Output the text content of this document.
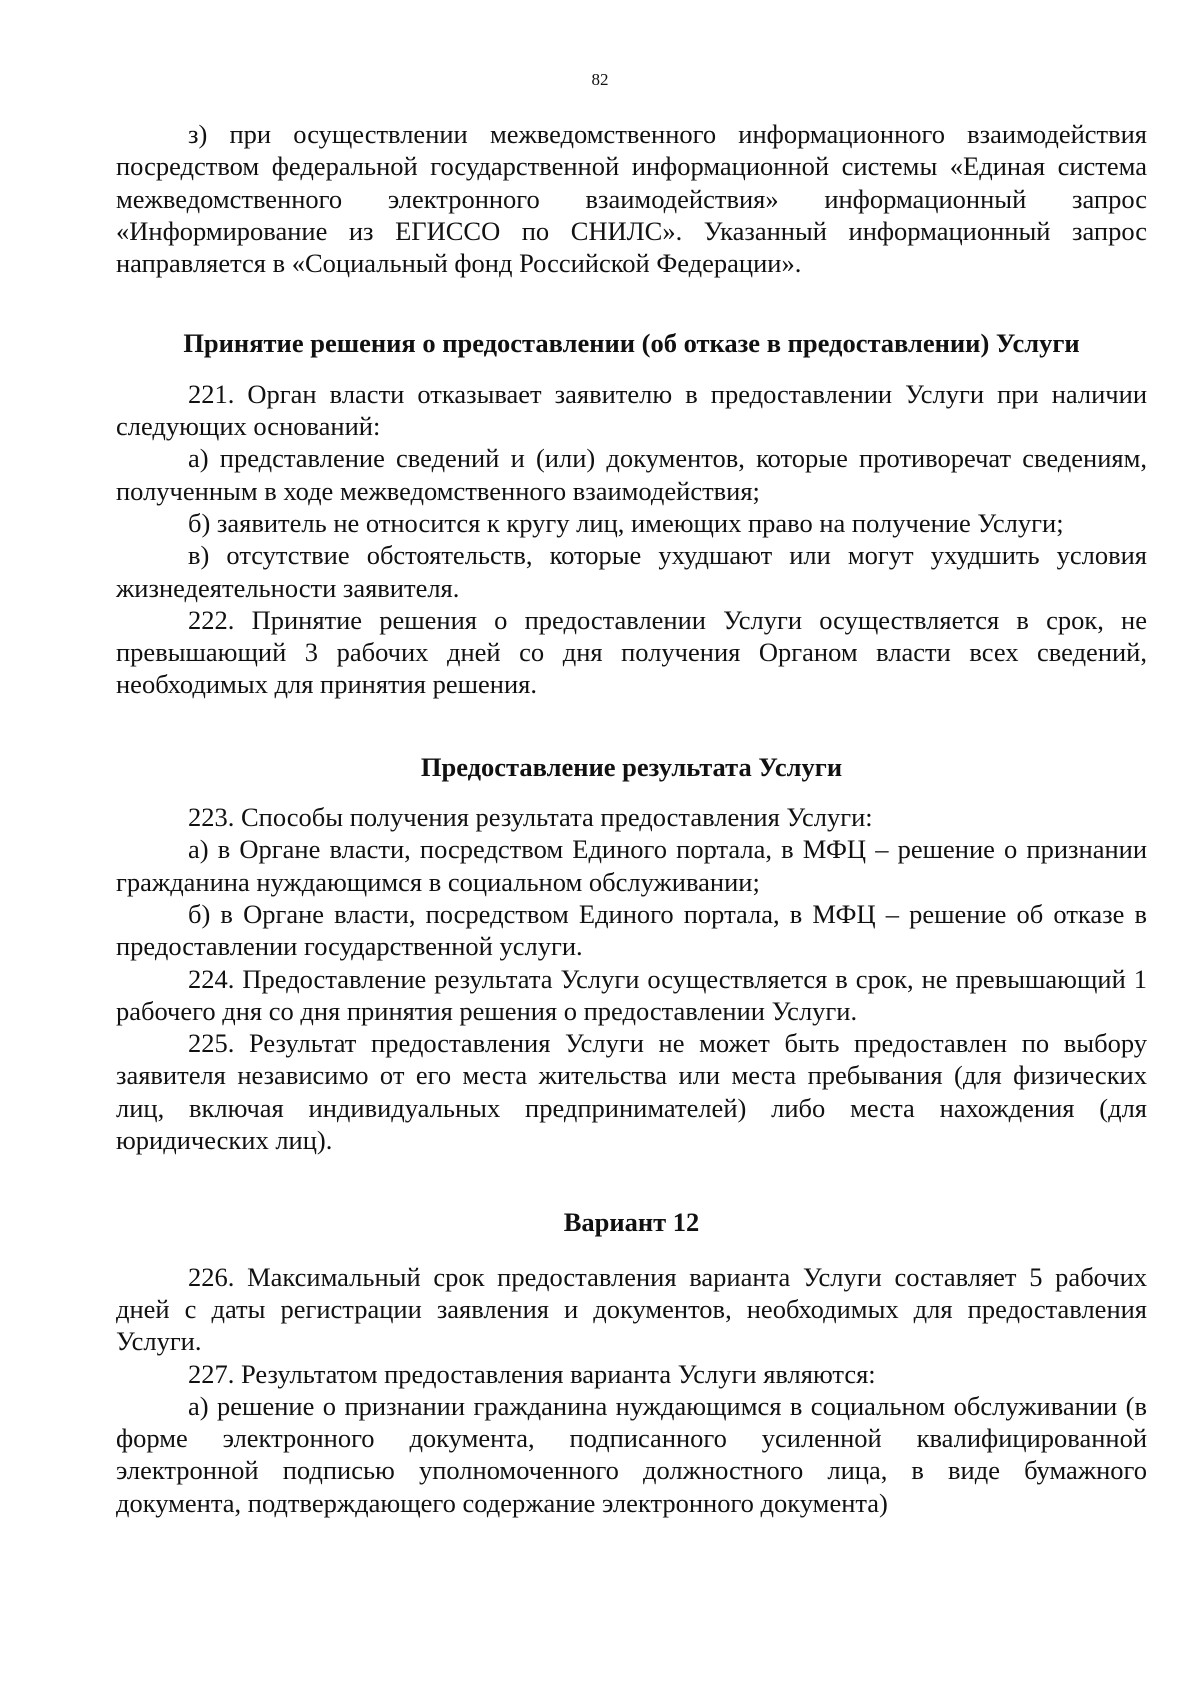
82

з) при осуществлении межведомственного информационного взаимодействия посредством федеральной государственной информационной системы «Единая система межведомственного электронного взаимодействия» информационный запрос «Информирование из ЕГИССО по СНИЛС». Указанный информационный запрос направляется в «Социальный фонд Российской Федерации».

Принятие решения о предоставлении (об отказе в предоставлении) Услуги

221. Орган власти отказывает заявителю в предоставлении Услуги при наличии следующих оснований:

а) представление сведений и (или) документов, которые противоречат сведениям, полученным в ходе межведомственного взаимодействия;

б) заявитель не относится к кругу лиц, имеющих право на получение Услуги;

в) отсутствие обстоятельств, которые ухудшают или могут ухудшить условия жизнедеятельности заявителя.

222. Принятие решения о предоставлении Услуги осуществляется в срок, не превышающий 3 рабочих дней со дня получения Органом власти всех сведений, необходимых для принятия решения.

Предоставление результата Услуги

223. Способы получения результата предоставления Услуги:

а) в Органе власти, посредством Единого портала, в МФЦ – решение о признании гражданина нуждающимся в социальном обслуживании;

б) в Органе власти, посредством Единого портала, в МФЦ – решение об отказе в предоставлении государственной услуги.

224. Предоставление результата Услуги осуществляется в срок, не превышающий 1 рабочего дня со дня принятия решения о предоставлении Услуги.

225. Результат предоставления Услуги не может быть предоставлен по выбору заявителя независимо от его места жительства или места пребывания (для физических лиц, включая индивидуальных предпринимателей) либо места нахождения (для юридических лиц).

Вариант 12

226. Максимальный срок предоставления варианта Услуги составляет 5 рабочих дней с даты регистрации заявления и документов, необходимых для предоставления Услуги.

227. Результатом предоставления варианта Услуги являются:

а) решение о признании гражданина нуждающимся в социальном обслуживании (в форме электронного документа, подписанного усиленной квалифицированной электронной подписью уполномоченного должностного лица, в виде бумажного документа, подтверждающего содержание электронного документа)
